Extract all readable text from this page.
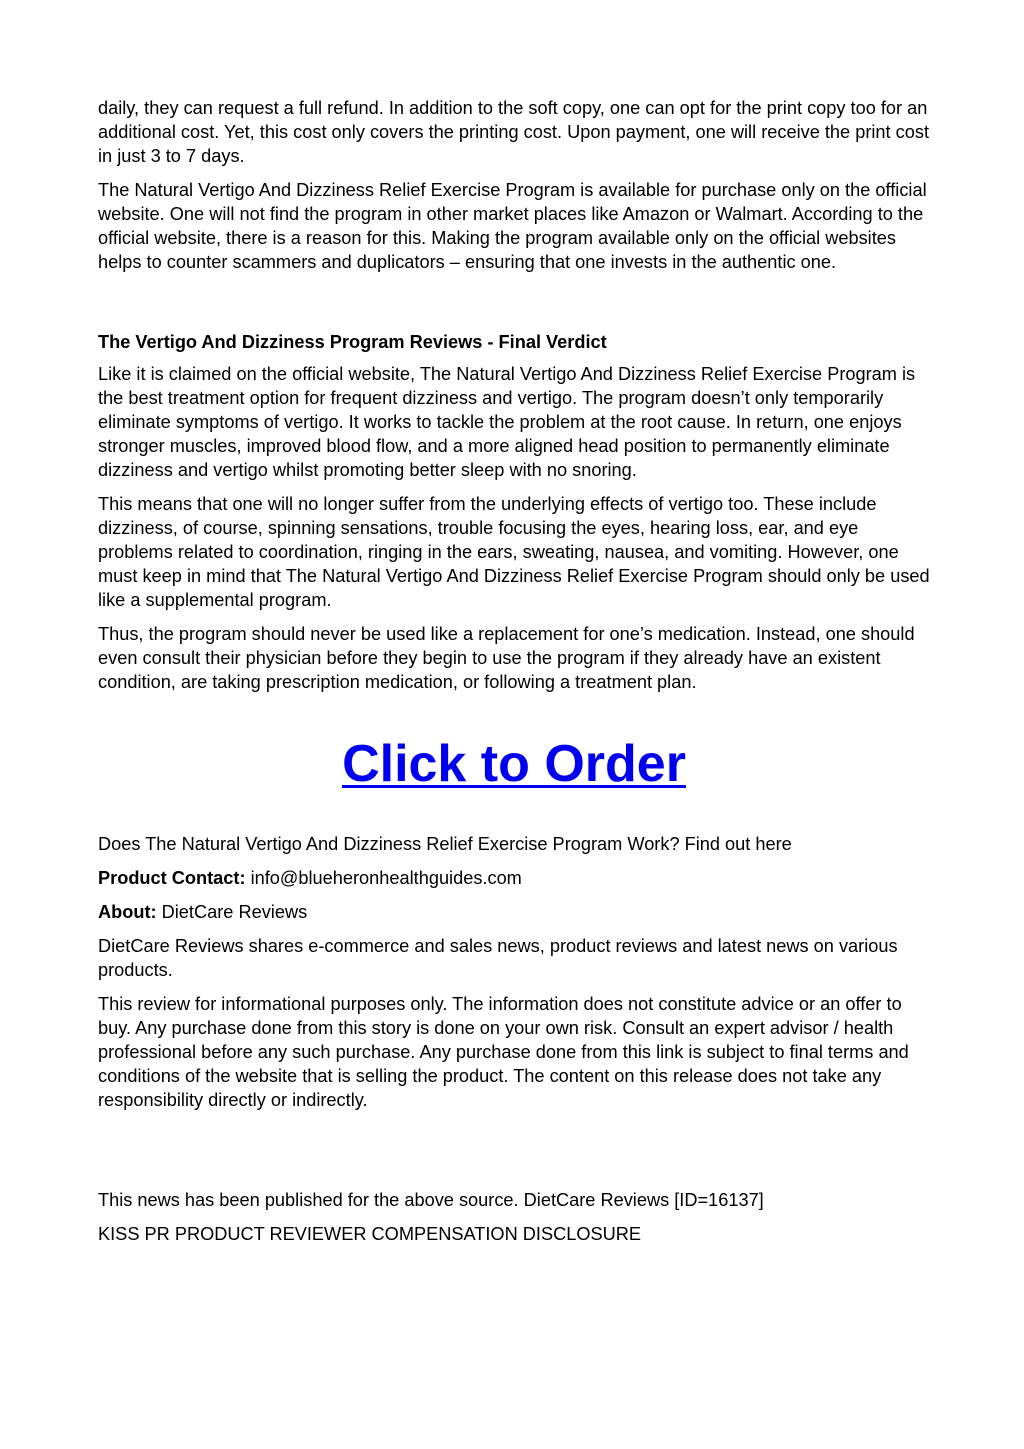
daily, they can request a full refund. In addition to the soft copy, one can opt for the print copy too for an additional cost. Yet, this cost only covers the printing cost. Upon payment, one will receive the print cost in just 3 to 7 days.

The Natural Vertigo And Dizziness Relief Exercise Program is available for purchase only on the official website. One will not find the program in other market places like Amazon or Walmart. According to the official website, there is a reason for this. Making the program available only on the official websites helps to counter scammers and duplicators – ensuring that one invests in the authentic one.

The Vertigo And Dizziness Program Reviews - Final Verdict

Like it is claimed on the official website, The Natural Vertigo And Dizziness Relief Exercise Program is the best treatment option for frequent dizziness and vertigo. The program doesn’t only temporarily eliminate symptoms of vertigo. It works to tackle the problem at the root cause. In return, one enjoys stronger muscles, improved blood flow, and a more aligned head position to permanently eliminate dizziness and vertigo whilst promoting better sleep with no snoring.

This means that one will no longer suffer from the underlying effects of vertigo too. These include dizziness, of course, spinning sensations, trouble focusing the eyes, hearing loss, ear, and eye problems related to coordination, ringing in the ears, sweating, nausea, and vomiting. However, one must keep in mind that The Natural Vertigo And Dizziness Relief Exercise Program should only be used like a supplemental program.

Thus, the program should never be used like a replacement for one’s medication. Instead, one should even consult their physician before they begin to use the program if they already have an existent condition, are taking prescription medication, or following a treatment plan.

Click to Order

Does The Natural Vertigo And Dizziness Relief Exercise Program Work? Find out here

Product Contact: info@blueheronhealthguides.com

About: DietCare Reviews

DietCare Reviews shares e-commerce and sales news, product reviews and latest news on various products.

This review for informational purposes only. The information does not constitute advice or an offer to buy. Any purchase done from this story is done on your own risk. Consult an expert advisor / health professional before any such purchase. Any purchase done from this link is subject to final terms and conditions of the website that is selling the product. The content on this release does not take any responsibility directly or indirectly.

This news has been published for the above source. DietCare Reviews [ID=16137]

KISS PR PRODUCT REVIEWER COMPENSATION DISCLOSURE
